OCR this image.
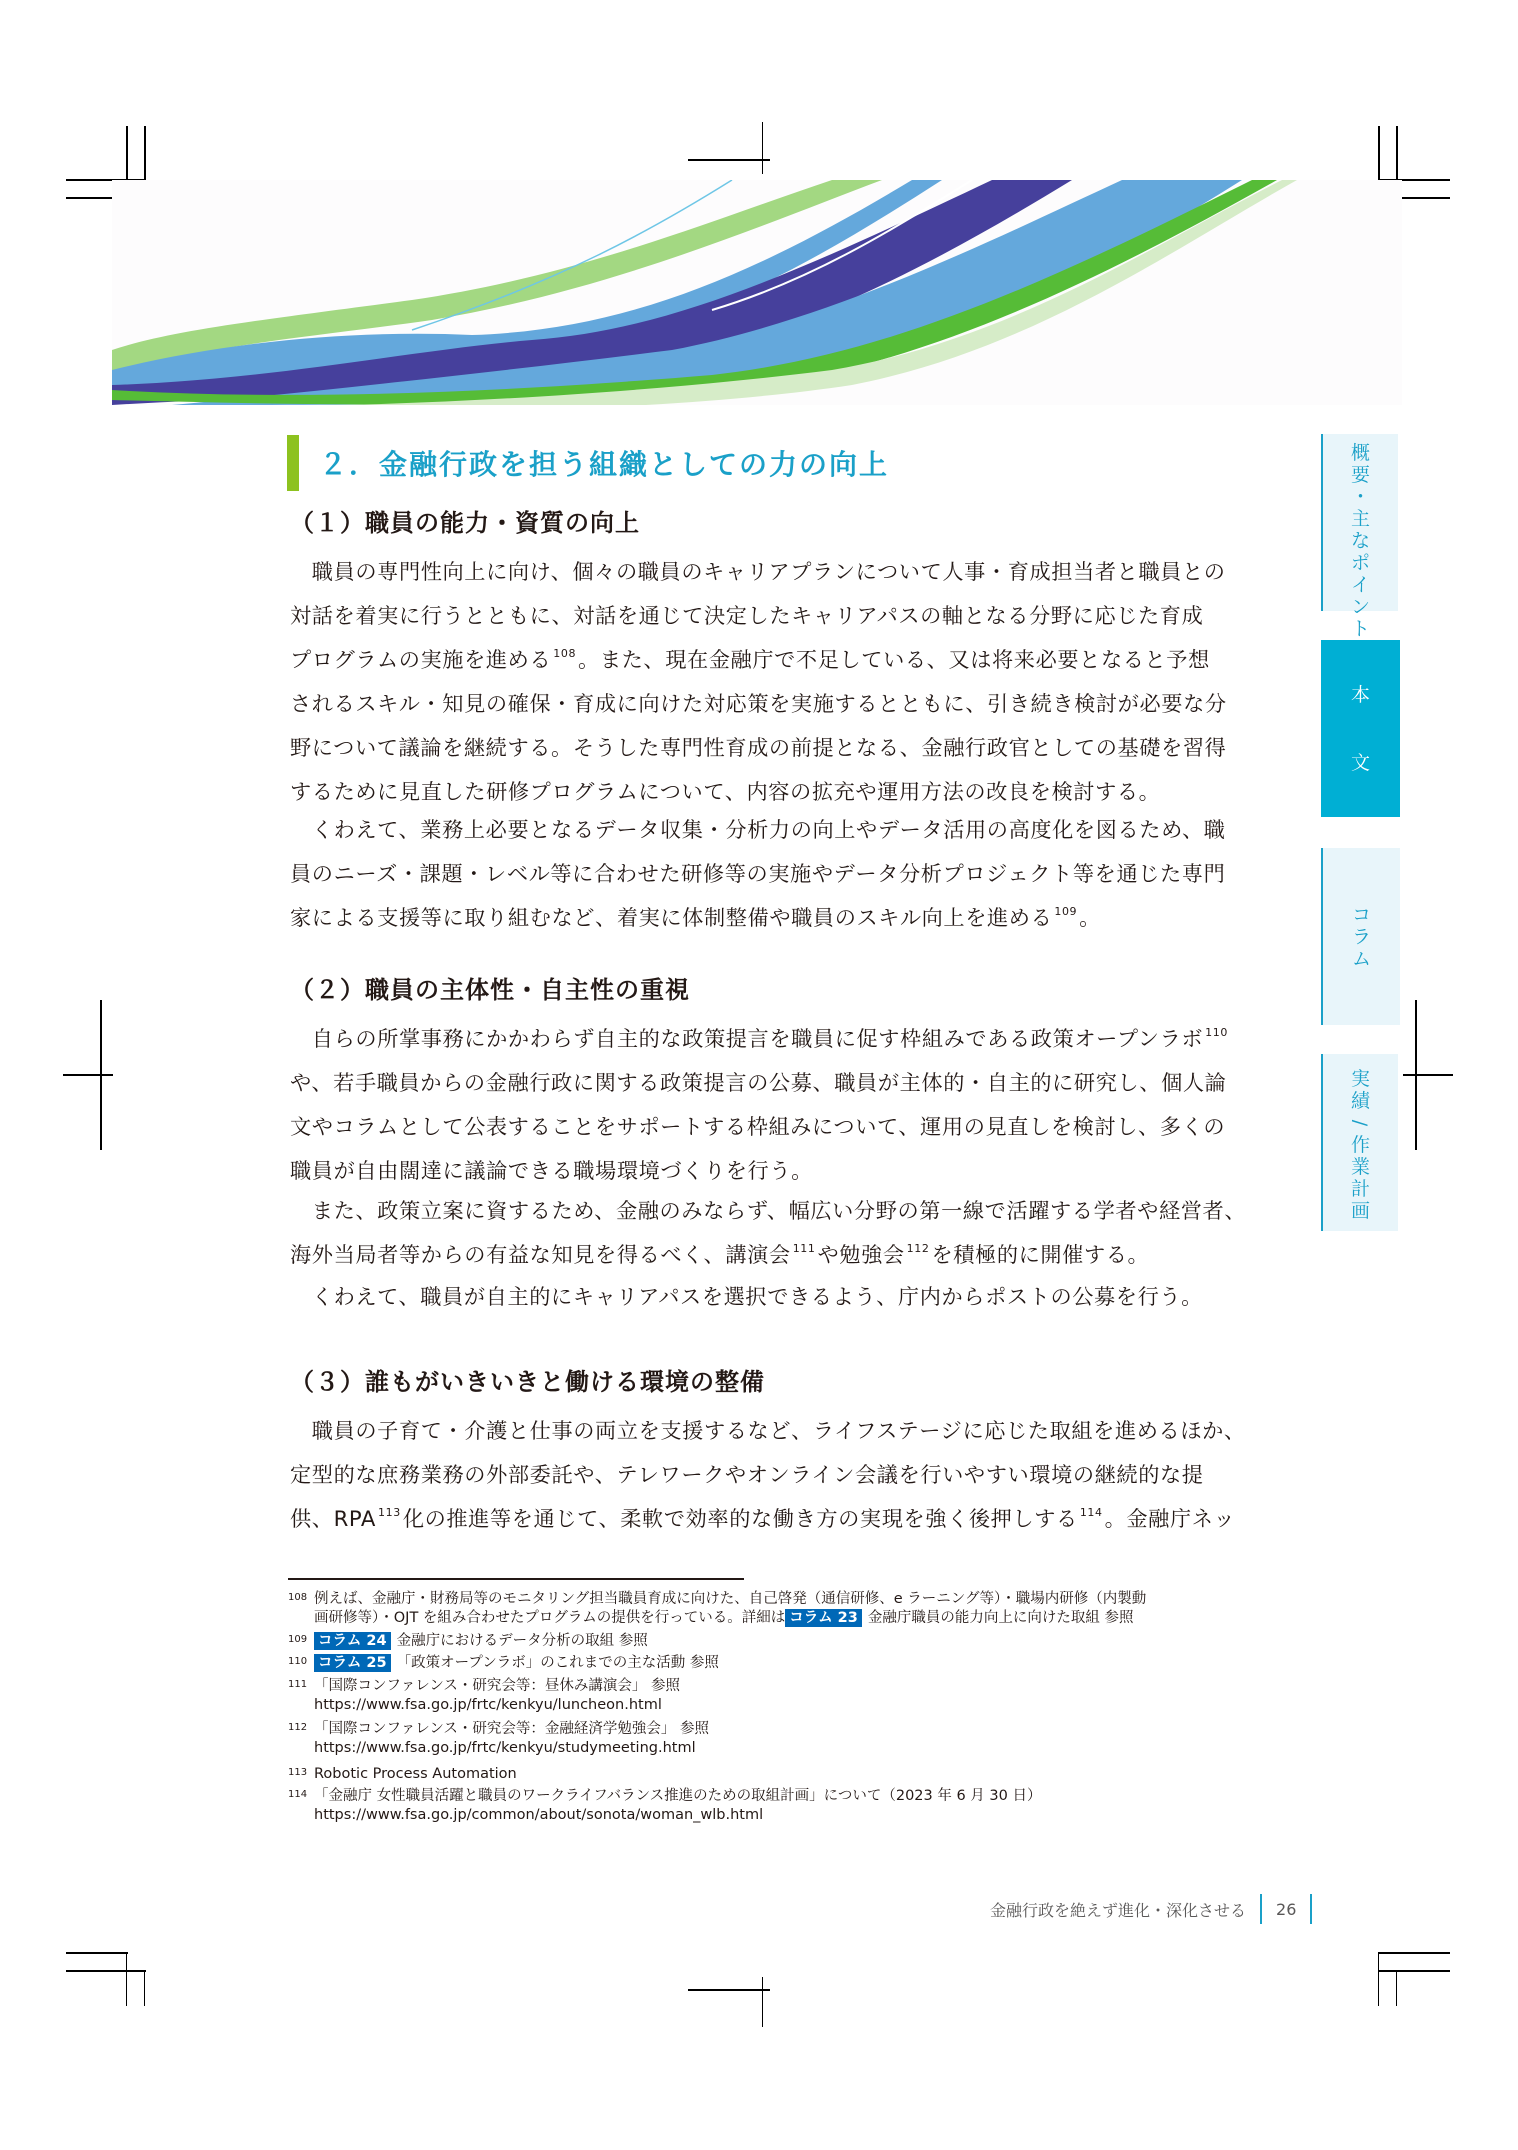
２．金融行政を担う組織としての力の向上
（１）職員の能力・資質の向上
　職員の専門性向上に向け、個々の職員のキャリアプランについて人事・育成担当者と職員との
対話を着実に行うとともに、対話を通じて決定したキャリアパスの軸となる分野に応じた育成
プログラムの実施を進める $^{108}$。また、現在金融庁で不足している、又は将来必要となると予想
されるスキル・知見の確保・育成に向けた対応策を実施するとともに、引き続き検討が必要な分
野について議論を継続する。そうした専門性育成の前提となる、金融行政官としての基礎を習得
するために見直した研修プログラムについて、内容の拡充や運用方法の改良を検討する。
　くわえて、業務上必要となるデータ収集・分析力の向上やデータ活用の高度化を図るため、職
員のニーズ・課題・レベル等に合わせた研修等の実施やデータ分析プロジェクト等を通じた専門
家による支援等に取り組むなど、着実に体制整備や職員のスキル向上を進める $^{109}$。
（２）職員の主体性・自主性の重視
　自らの所掌事務にかかわらず自主的な政策提言を職員に促す枠組みである政策オープンラボ $^{110}$
や、若手職員からの金融行政に関する政策提言の公募、職員が主体的・自主的に研究し、個人論
文やコラムとして公表することをサポートする枠組みについて、運用の見直しを検討し、多くの
職員が自由闊達に議論できる職場環境づくりを行う。
　また、政策立案に資するため、金融のみならず、幅広い分野の第一線で活躍する学者や経営者、
海外当局者等からの有益な知見を得るべく、講演会 $^{111}$や勉強会 $^{112}$を積極的に開催する。
　くわえて、職員が自主的にキャリアパスを選択できるよう、庁内からポストの公募を行う。
（３）誰もがいきいきと働ける環境の整備
　職員の子育て・介護と仕事の両立を支援するなど、ライフステージに応じた取組を進めるほか、
定型的な庶務業務の外部委託や、テレワークやオンライン会議を行いやすい環境の継続的な提
供、RPA $^{113}$化の推進等を通じて、柔軟で効率的な働き方の実現を強く後押しする $^{114}$。金融庁ネッ
108 例えば、金融庁・財務局等のモニタリング担当職員育成に向けた、自己啓発（通信研修、e ラーニング等）・職場内研修（内製動
画研修等）・OJT を組み合わせたプログラムの提供を行っている。詳細は コラム 23 金融庁職員の能力向上に向けた取組 参照
109 コラム 24 金融庁におけるデータ分析の取組 参照
110 コラム 25 「政策オープンラボ」のこれまでの主な活動 参照
111 「国際コンファレンス・研究会等：昼休み講演会」 参照
https://www.fsa.go.jp/frtc/kenkyu/luncheon.html
112 「国際コンファレンス・研究会等：金融経済学勉強会」 参照
https://www.fsa.go.jp/frtc/kenkyu/studymeeting.html
113 Robotic Process Automation
114 「金融庁 女性職員活躍と職員のワークライフバランス推進のための取組計画」について（2023 年 6 月 30 日）
https://www.fsa.go.jp/common/about/sonota/woman_wlb.html
概
要
・
主
な
ポ
イ
ン
ト
本

文
コ
ラ
ム
実
績
/
作
業
計
画
金融行政を絶えず進化・深化させる 26
